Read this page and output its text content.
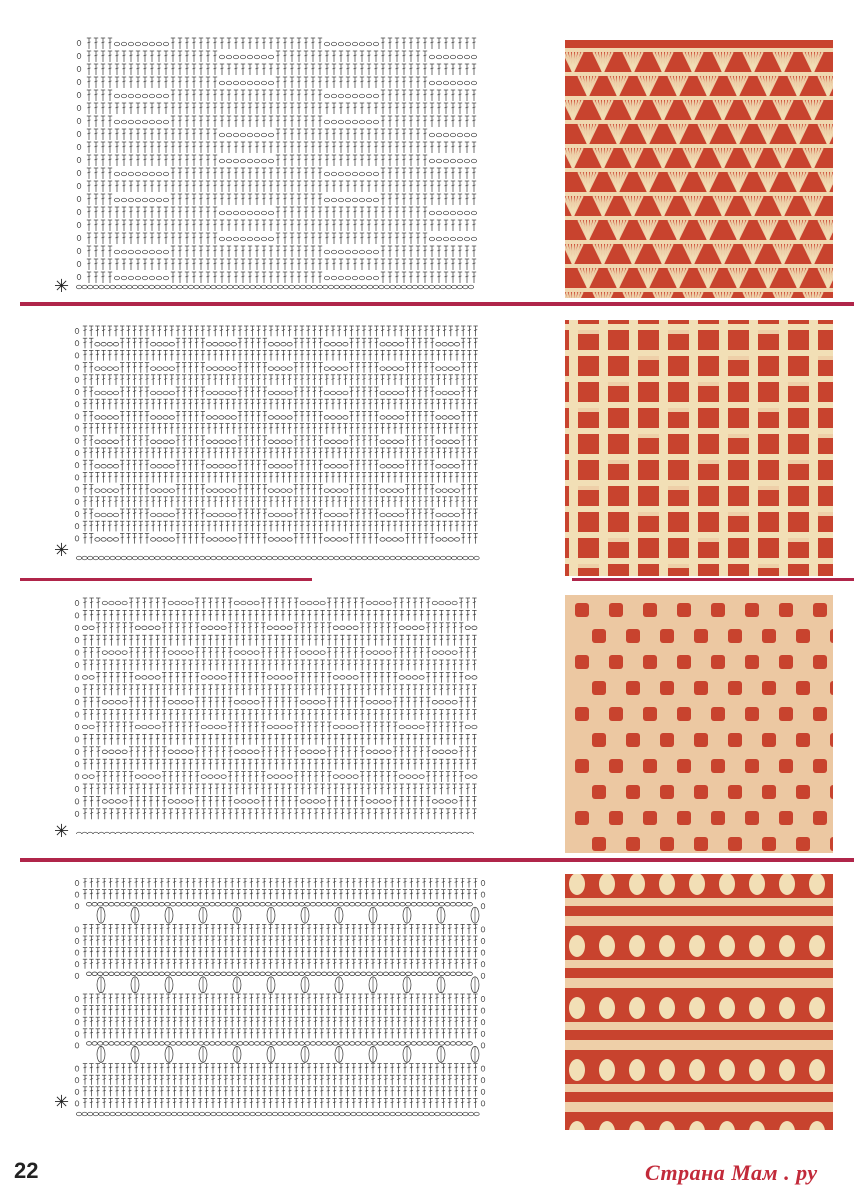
✳
✳
✳
✳
22	Страна Мам . ру
